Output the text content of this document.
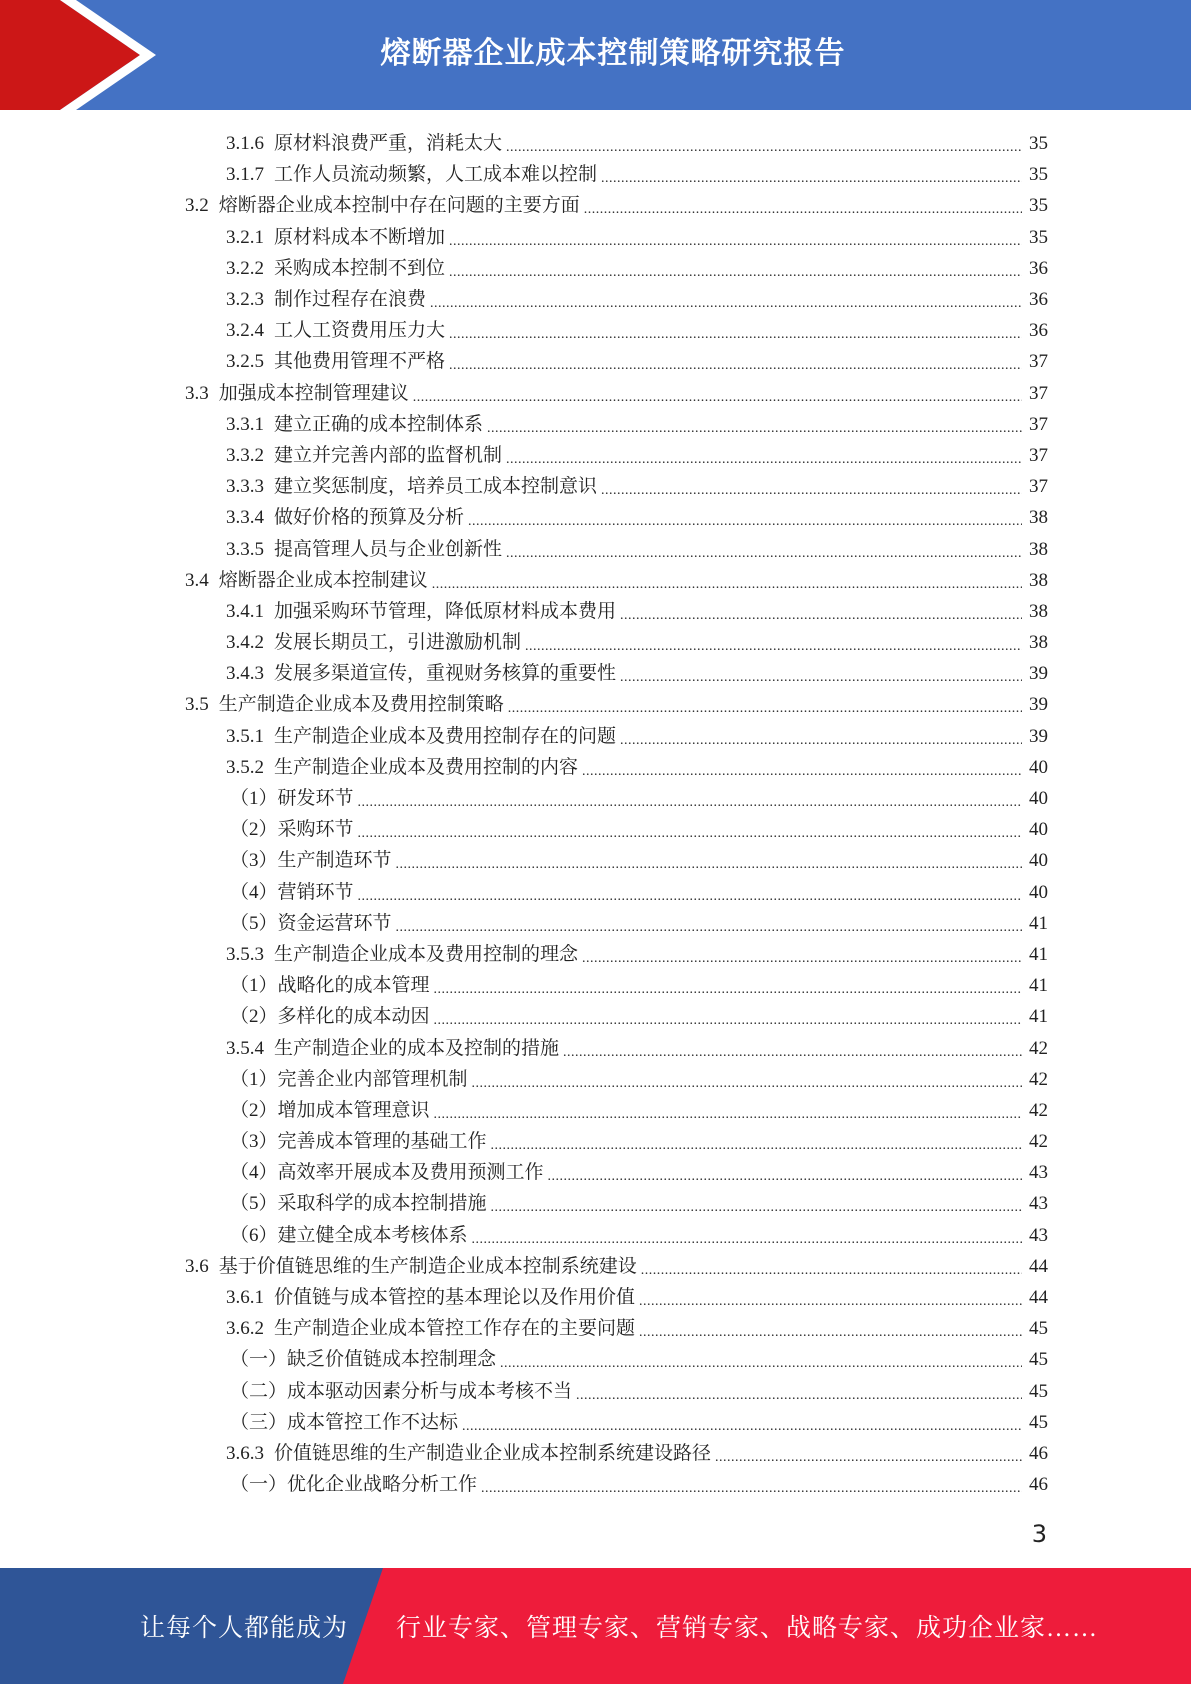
熔断器企业成本控制策略研究报告
3.1.6 原材料浪费严重，消耗太大 .....	35
3.1.7 工作人员流动频繁，人工成本难以控制 .....	35
3.2 熔断器企业成本控制中存在问题的主要方面 .....	35
3.2.1 原材料成本不断增加 .....	35
3.2.2 采购成本控制不到位 .....	36
3.2.3 制作过程存在浪费 .....	36
3.2.4 工人工资费用压力大 .....	36
3.2.5 其他费用管理不严格 .....	37
3.3 加强成本控制管理建议 .....	37
3.3.1 建立正确的成本控制体系 .....	37
3.3.2 建立并完善内部的监督机制 .....	37
3.3.3 建立奖惩制度，培养员工成本控制意识 .....	37
3.3.4 做好价格的预算及分析 .....	38
3.3.5 提高管理人员与企业创新性 .....	38
3.4 熔断器企业成本控制建议 .....	38
3.4.1 加强采购环节管理，降低原材料成本费用 .....	38
3.4.2 发展长期员工，引进激励机制 .....	38
3.4.3 发展多渠道宣传，重视财务核算的重要性 .....	39
3.5 生产制造企业成本及费用控制策略 .....	39
3.5.1 生产制造企业成本及费用控制存在的问题 .....	39
3.5.2 生产制造企业成本及费用控制的内容 .....	40
（1）研发环节 .....	40
（2）采购环节 .....	40
（3）生产制造环节 .....	40
（4）营销环节 .....	40
（5）资金运营环节 .....	41
3.5.3 生产制造企业成本及费用控制的理念 .....	41
（1）战略化的成本管理 .....	41
（2）多样化的成本动因 .....	41
3.5.4 生产制造企业的成本及控制的措施 .....	42
（1）完善企业内部管理机制 .....	42
（2）增加成本管理意识 .....	42
（3）完善成本管理的基础工作 .....	42
（4）高效率开展成本及费用预测工作 .....	43
（5）采取科学的成本控制措施 .....	43
（6）建立健全成本考核体系 .....	43
3.6 基于价值链思维的生产制造企业成本控制系统建设 .....	44
3.6.1 价值链与成本管控的基本理论以及作用价值 .....	44
3.6.2 生产制造企业成本管控工作存在的主要问题 .....	45
（一）缺乏价值链成本控制理念 .....	45
（二）成本驱动因素分析与成本考核不当 .....	45
（三）成本管控工作不达标 .....	45
3.6.3 价值链思维的生产制造业企业成本控制系统建设路径 .....	46
（一）优化企业战略分析工作 .....	46
3
让每个人都能成为 行业专家、管理专家、营销专家、战略专家、成功企业家……
